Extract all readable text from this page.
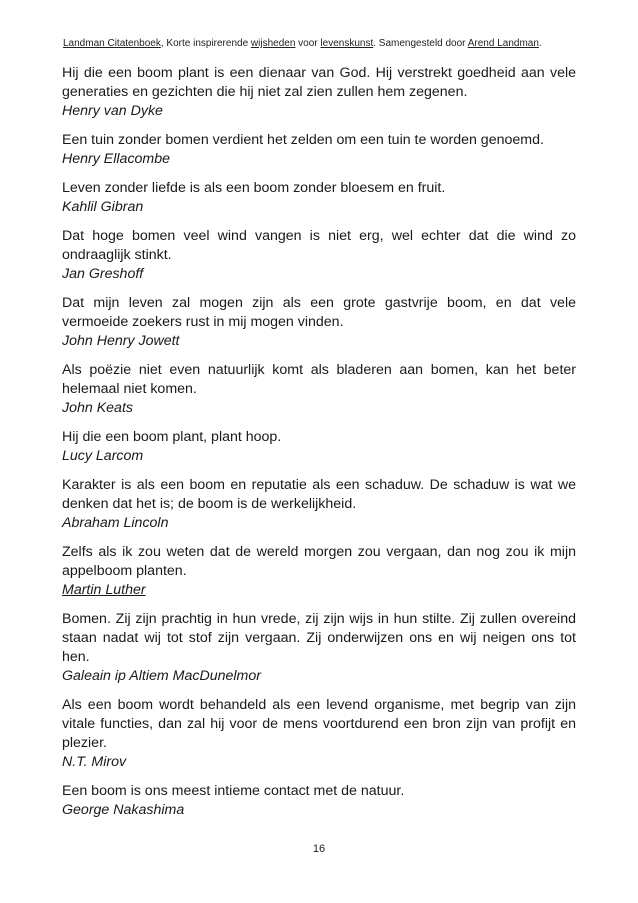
Landman Citatenboek, Korte inspirerende wijsheden voor levenskunst. Samengesteld door Arend Landman.
Hij die een boom plant is een dienaar van God. Hij verstrekt goedheid aan vele generaties en gezichten die hij niet zal zien zullen hem zegenen.
Henry van Dyke
Een tuin zonder bomen verdient het zelden om een tuin te worden genoemd.
Henry Ellacombe
Leven zonder liefde is als een boom zonder bloesem en fruit.
Kahlil Gibran
Dat hoge bomen veel wind vangen is niet erg, wel echter dat die wind zo ondraaglijk stinkt.
Jan Greshoff
Dat mijn leven zal mogen zijn als een grote gastvrije boom, en dat vele vermoeide zoekers rust in mij mogen vinden.
John Henry Jowett
Als poëzie niet even natuurlijk komt als bladeren aan bomen, kan het beter helemaal niet komen.
John Keats
Hij die een boom plant, plant hoop.
Lucy Larcom
Karakter is als een boom en reputatie als een schaduw. De schaduw is wat we denken dat het is; de boom is de werkelijkheid.
Abraham Lincoln
Zelfs als ik zou weten dat de wereld morgen zou vergaan, dan nog zou ik mijn appelboom planten.
Martin Luther
Bomen. Zij zijn prachtig in hun vrede, zij zijn wijs in hun stilte. Zij zullen overeind staan nadat wij tot stof zijn vergaan. Zij onderwijzen ons en wij neigen ons tot hen.
Galeain ip Altiem MacDunelmor
Als een boom wordt behandeld als een levend organisme, met begrip van zijn vitale functies, dan zal hij voor de mens voortdurend een bron zijn van profijt en plezier.
N.T. Mirov
Een boom is ons meest intieme contact met de natuur.
George Nakashima
16
